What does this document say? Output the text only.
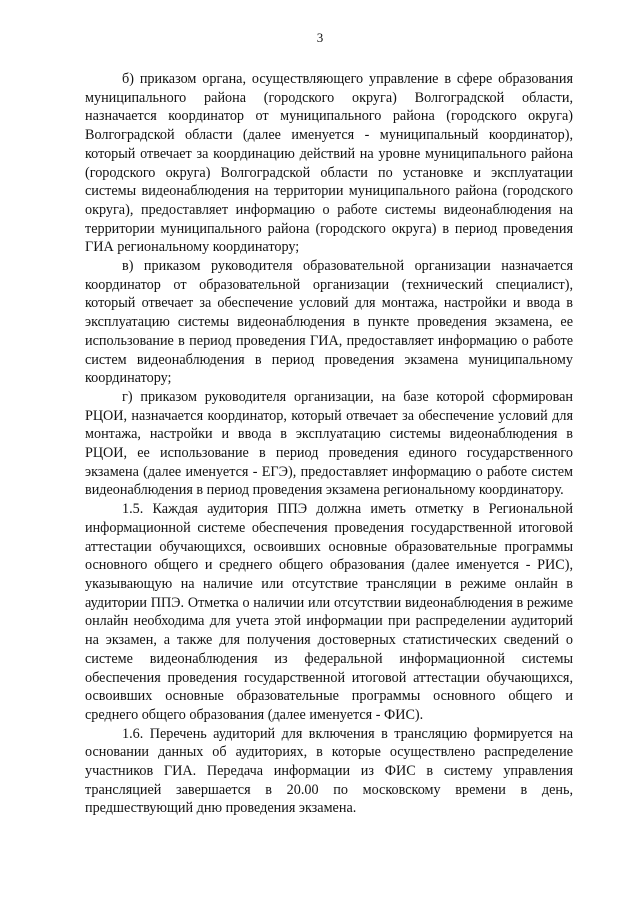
3

б) приказом органа, осуществляющего управление в сфере образования муниципального района (городского округа) Волгоградской области, назначается координатор от муниципального района (городского округа) Волгоградской области (далее именуется - муниципальный координатор), который отвечает за координацию действий на уровне муниципального района (городского округа) Волгоградской области по установке и эксплуатации системы видеонаблюдения на территории муниципального района (городского округа), предоставляет информацию о работе системы видеонаблюдения на территории муниципального района (городского округа) в период проведения ГИА региональному координатору;

в) приказом руководителя образовательной организации назначается координатор от образовательной организации (технический специалист), который отвечает за обеспечение условий для монтажа, настройки и ввода в эксплуатацию системы видеонаблюдения в пункте проведения экзамена, ее использование в период проведения ГИА, предоставляет информацию о работе систем видеонаблюдения в период проведения экзамена муниципальному координатору;

г) приказом руководителя организации, на базе которой сформирован РЦОИ, назначается координатор, который отвечает за обеспечение условий для монтажа, настройки и ввода в эксплуатацию системы видеонаблюдения в РЦОИ, ее использование в период проведения единого государственного экзамена (далее именуется - ЕГЭ), предоставляет информацию о работе систем видеонаблюдения в период проведения экзамена региональному координатору.

1.5. Каждая аудитория ППЭ должна иметь отметку в Региональной информационной системе обеспечения проведения государственной итоговой аттестации обучающихся, освоивших основные образовательные программы основного общего и среднего общего образования (далее именуется - РИС), указывающую на наличие или отсутствие трансляции в режиме онлайн в аудитории ППЭ. Отметка о наличии или отсутствии видеонаблюдения в режиме онлайн необходима для учета этой информации при распределении аудиторий на экзамен, а также для получения достоверных статистических сведений о системе видеонаблюдения из федеральной информационной системы обеспечения проведения государственной итоговой аттестации обучающихся, освоивших основные образовательные программы основного общего и среднего общего образования (далее именуется - ФИС).

1.6. Перечень аудиторий для включения в трансляцию формируется на основании данных об аудиториях, в которые осуществлено распределение участников ГИА. Передача информации из ФИС в систему управления трансляцией завершается в 20.00 по московскому времени в день, предшествующий дню проведения экзамена.
